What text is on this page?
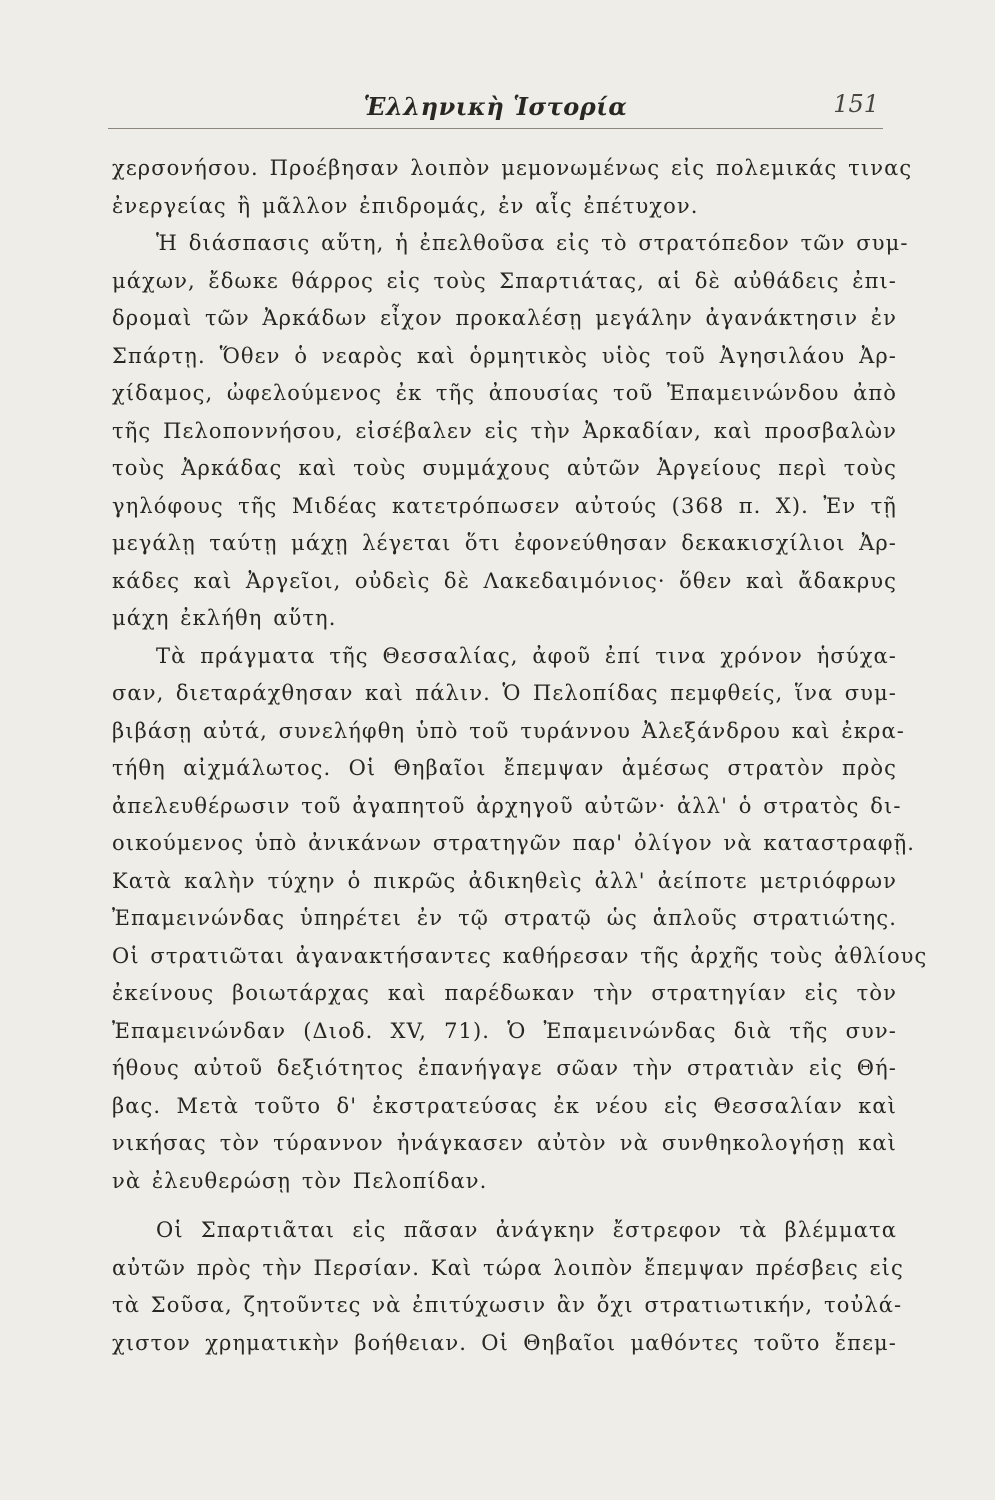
Ἑλληνικὴ Ἱστορία	151
χερσονήσου. Προέβησαν λοιπὸν μεμονωμένως εἰς πολεμικάς τινας
ἐνεργείας ἢ μᾶλλον ἐπιδρομάς, ἐν αἷς ἐπέτυχον.
Ἡ διάσπασις αὕτη, ἡ ἐπελθοῦσα εἰς τὸ στρατόπεδον τῶν συμ-
μάχων, ἔδωκε θάρρος εἰς τοὺς Σπαρτιάτας, αἱ δὲ αὐθάδεις ἐπι-
δρομαὶ τῶν Ἀρκάδων εἶχον προκαλέσῃ μεγάλην ἀγανάκτησιν ἐν
Σπάρτῃ. Ὅθεν ὁ νεαρὸς καὶ ὁρμητικὸς υἱὸς τοῦ Ἀγησιλάου Ἀρ-
χίδαμος, ὠφελούμενος ἐκ τῆς ἀπουσίας τοῦ Ἐπαμεινώνδου ἀπὸ
τῆς Πελοποννήσου, εἰσέβαλεν εἰς τὴν Ἀρκαδίαν, καὶ προσβαλὼν
τοὺς Ἀρκάδας καὶ τοὺς συμμάχους αὐτῶν Ἀργείους περὶ τοὺς
γηλόφους τῆς Μιδέας κατετρόπωσεν αὐτούς (368 π. Χ). Ἐν τῇ
μεγάλῃ ταύτῃ μάχῃ λέγεται ὅτι ἐφονεύθησαν δεκακισχίλιοι Ἀρ-
κάδες καὶ Ἀργεῖοι, οὐδεὶς δὲ Λακεδαιμόνιος· ὅθεν καὶ ἄδακρυς
μάχη ἐκλήθη αὕτη.
Τὰ πράγματα τῆς Θεσσαλίας, ἀφοῦ ἐπί τινα χρόνον ἡσύχα-
σαν, διεταράχθησαν καὶ πάλιν. Ὁ Πελοπίδας πεμφθείς, ἵνα συμ-
βιβάσῃ αὐτά, συνελήφθη ὑπὸ τοῦ τυράννου Ἀλεξάνδρου καὶ ἐκρα-
τήθη αἰχμάλωτος. Οἱ Θηβαῖοι ἔπεμψαν ἀμέσως στρατὸν πρὸς
ἀπελευθέρωσιν τοῦ ἀγαπητοῦ ἀρχηγοῦ αὐτῶν· ἀλλ' ὁ στρατὸς δι-
οικούμενος ὑπὸ ἀνικάνων στρατηγῶν παρ' ὀλίγον νὰ καταστραφῇ.
Κατὰ καλὴν τύχην ὁ πικρῶς ἀδικηθεὶς ἀλλ' ἀείποτε μετριόφρων
Ἐπαμεινώνδας ὑπηρέτει ἐν τῷ στρατῷ ὡς ἁπλοῦς στρατιώτης.
Οἱ στρατιῶται ἀγανακτήσαντες καθήρεσαν τῆς ἀρχῆς τοὺς ἀθλίους
ἐκείνους βοιωτάρχας καὶ παρέδωκαν τὴν στρατηγίαν εἰς τὸν
Ἐπαμεινώνδαν (Διοδ. XV, 71). Ὁ Ἐπαμεινώνδας διὰ τῆς συν-
ήθους αὐτοῦ δεξιότητος ἐπανήγαγε σῶαν τὴν στρατιὰν εἰς Θή-
βας. Μετὰ τοῦτο δ' ἐκστρατεύσας ἐκ νέου εἰς Θεσσαλίαν καὶ
νικήσας τὸν τύραννον ἠνάγκασεν αὐτὸν νὰ συνθηκολογήσῃ καὶ
νὰ ἐλευθερώσῃ τὸν Πελοπίδαν.
Οἱ Σπαρτιᾶται εἰς πᾶσαν ἀνάγκην ἔστρεφον τὰ βλέμματα
αὐτῶν πρὸς τὴν Περσίαν. Καὶ τώρα λοιπὸν ἔπεμψαν πρέσβεις εἰς
τὰ Σοῦσα, ζητοῦντες νὰ ἐπιτύχωσιν ἂν ὄχι στρατιωτικήν, τοὐλά-
χιστον χρηματικὴν βοήθειαν. Οἱ Θηβαῖοι μαθόντες τοῦτο ἔπεμ-
